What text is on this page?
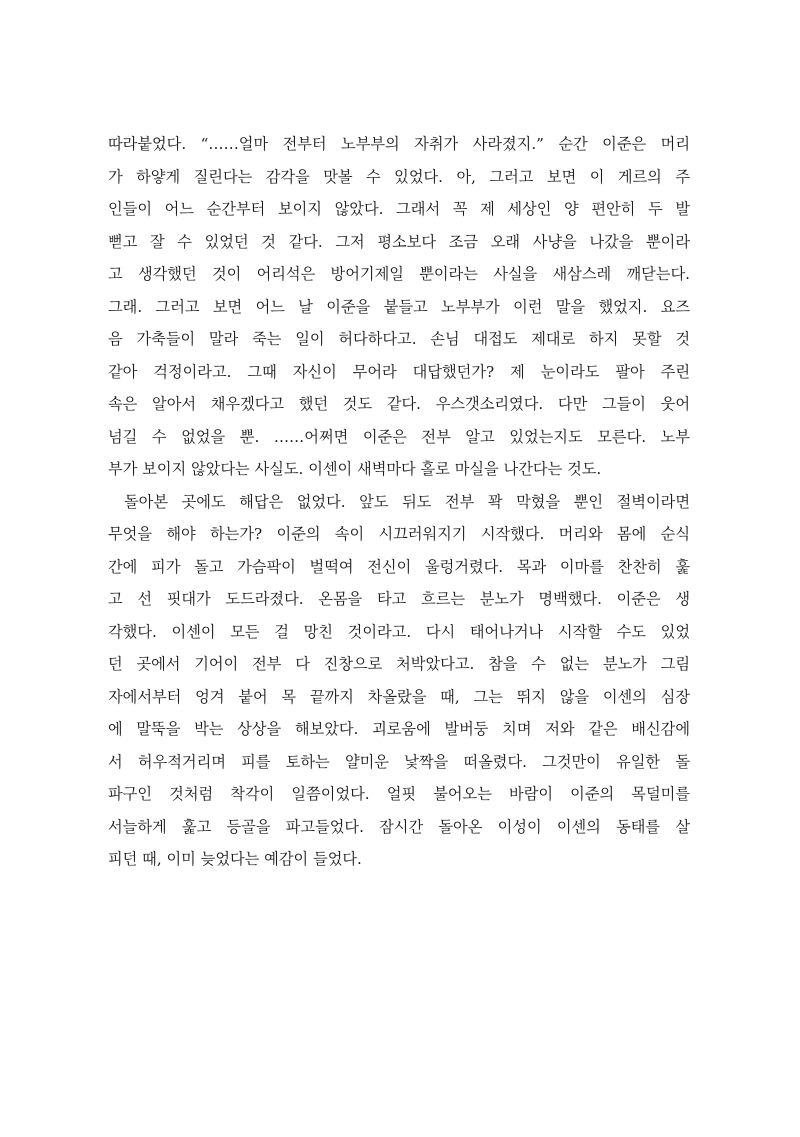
따라붙었다. “……얼마 전부터 노부부의 자취가 사라졌지.” 순간 이준은 머리
가 하얗게 질린다는 감각을 맛볼 수 있었다. 아, 그러고 보면 이 게르의 주
인들이 어느 순간부터 보이지 않았다. 그래서 꼭 제 세상인 양 편안히 두 발
뻗고 잘 수 있었던 것 같다. 그저 평소보다 조금 오래 사냥을 나갔을 뿐이라
고 생각했던 것이 어리석은 방어기제일 뿐이라는 사실을 새삼스레 깨닫는다.
그래. 그러고 보면 어느 날 이준을 붙들고 노부부가 이런 말을 했었지. 요즈
음 가축들이 말라 죽는 일이 허다하다고. 손님 대접도 제대로 하지 못할 것
같아 걱정이라고. 그때 자신이 무어라 대답했던가? 제 눈이라도 팔아 주린
속은 알아서 채우겠다고 했던 것도 같다. 우스갯소리였다. 다만 그들이 웃어
넘길 수 없었을 뿐. ……어쩌면 이준은 전부 알고 있었는지도 모른다. 노부
부가 보이지 않았다는 사실도. 이센이 새벽마다 홀로 마실을 나간다는 것도.
돌아본 곳에도 해답은 없었다. 앞도 뒤도 전부 꽉 막혔을 뿐인 절벽이라면
무엇을 해야 하는가? 이준의 속이 시끄러워지기 시작했다. 머리와 몸에 순식
간에 피가 돌고 가슴팍이 벌떡여 전신이 울렁거렸다. 목과 이마를 찬찬히 훑
고 선 핏대가 도드라졌다. 온몸을 타고 흐르는 분노가 명백했다. 이준은 생
각했다. 이센이 모든 걸 망친 것이라고. 다시 태어나거나 시작할 수도 있었
던 곳에서 기어이 전부 다 진창으로 처박았다고. 참을 수 없는 분노가 그림
자에서부터 엉겨 붙어 목 끝까지 차올랐을 때, 그는 뛰지 않을 이센의 심장
에 말뚝을 박는 상상을 해보았다. 괴로움에 발버둥 치며 저와 같은 배신감에
서 허우적거리며 피를 토하는 얄미운 낯짝을 떠올렸다. 그것만이 유일한 돌
파구인 것처럼 착각이 일쯤이었다. 얼핏 불어오는 바람이 이준의 목덜미를
서늘하게 훑고 등골을 파고들었다. 잠시간 돌아온 이성이 이센의 동태를 살
피던 때, 이미 늦었다는 예감이 들었다.
